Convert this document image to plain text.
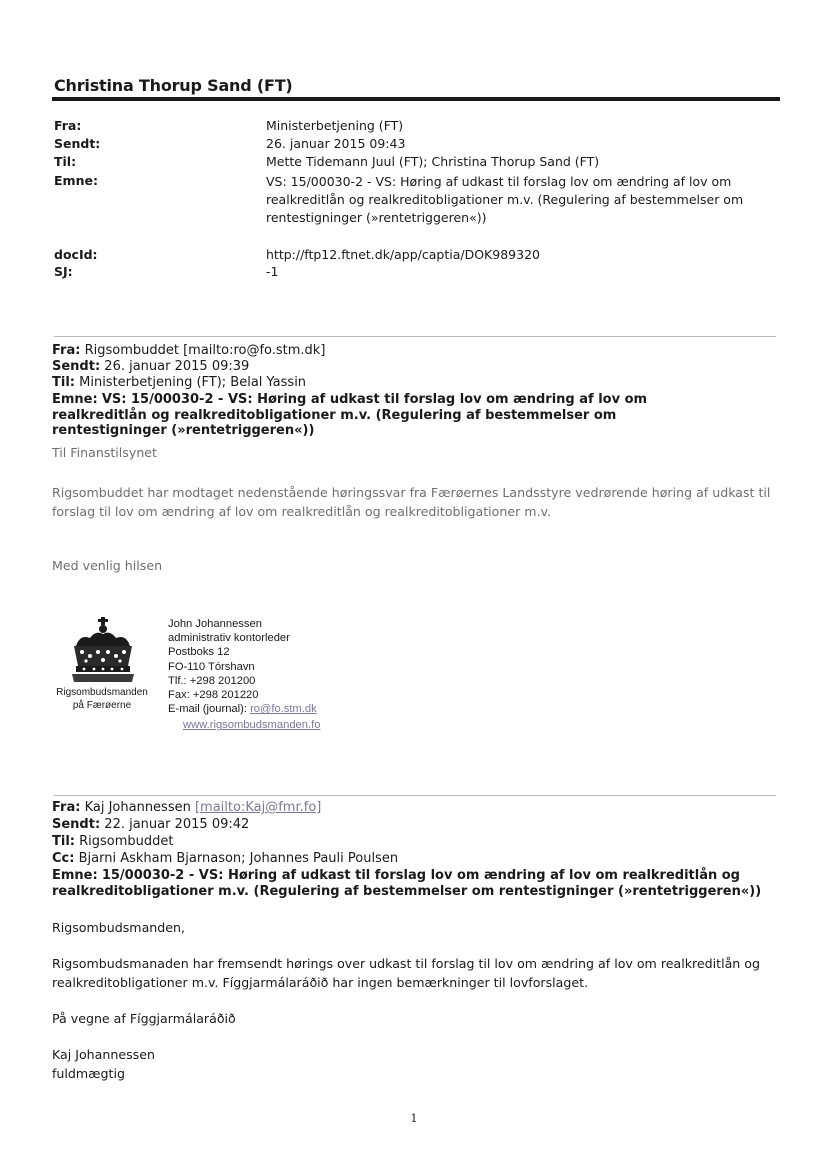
Christina Thorup Sand (FT)
Fra:	Ministerbetjening (FT)
Sendt:	26. januar 2015 09:43
Til:	Mette Tidemann Juul (FT); Christina Thorup Sand (FT)
Emne:	VS: 15/00030-2 - VS: Høring af udkast til forslag lov om ændring af lov om realkreditlån og realkreditobligationer m.v. (Regulering af bestemmelser om rentestigninger (»rentetriggeren«))
docId:	http://ftp12.ftnet.dk/app/captia/DOK989320
SJ:	-1
Fra: Rigsombuddet [mailto:ro@fo.stm.dk]
Sendt: 26. januar 2015 09:39
Til: Ministerbetjening (FT); Belal Yassin
Emne: VS: 15/00030-2 - VS: Høring af udkast til forslag lov om ændring af lov om realkreditlån og realkreditobligationer m.v. (Regulering af bestemmelser om rentestigninger (»rentetriggeren«))
Til Finanstilsynet
Rigsombuddet har modtaget nedenstående høringssvar fra Færøernes Landsstyre vedrørende høring af udkast til forslag til lov om ændring af lov om realkreditlån og realkreditobligationer m.v.
Med venlig hilsen
Rigsombudsmanden
på Færøerne
John Johannessen
administrativ kontorleder
Postboks 12
FO-110 Tórshavn
Tlf.: +298 201200
Fax: +298 201220
E-mail (journal): ro@fo.stm.dk
www.rigsombudsmanden.fo
Fra: Kaj Johannessen [mailto:Kaj@fmr.fo]
Sendt: 22. januar 2015 09:42
Til: Rigsombuddet
Cc: Bjarni Askham Bjarnason; Johannes Pauli Poulsen
Emne: 15/00030-2 - VS: Høring af udkast til forslag lov om ændring af lov om realkreditlån og realkreditobligationer m.v. (Regulering af bestemmelser om rentestigninger (»rentetriggeren«))
Rigsombudsmanden,
Rigsombudsmanaden har fremsendt hørings over udkast til forslag til lov om ændring af lov om realkreditlån og realkreditobligationer m.v. Fíggjarmálaráðið har ingen bemærkninger til lovforslaget.
På vegne af Fíggjarmálaráðið
Kaj Johannessen
fuldmægtig
1
